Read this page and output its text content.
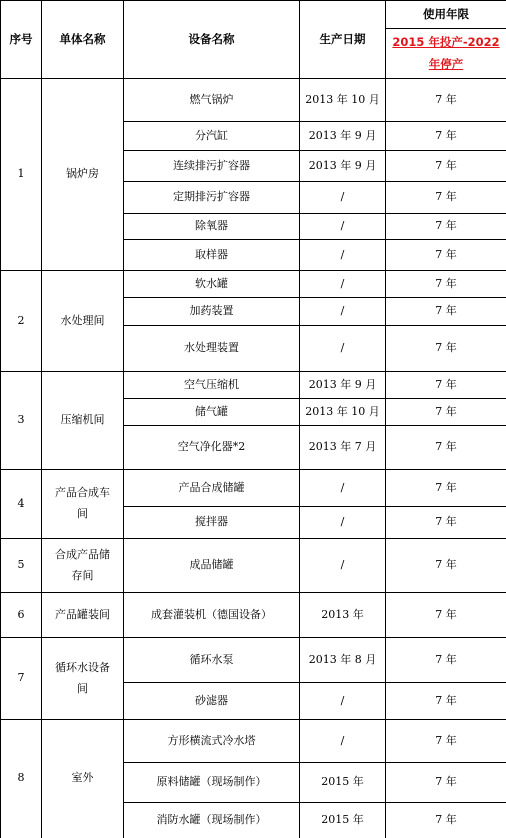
序号	单体名称	设备名称	生产日期	使用年限
				2015 年投产-2022 年停产
1	锅炉房	燃气锅炉	2013 年 10 月	7 年
		分汽缸	2013 年 9 月	7 年
		连续排污扩容器	2013 年 9 月	7 年
		定期排污扩容器	/	7 年
		除氧器	/	7 年
		取样器	/	7 年
2	水处理间	软水罐	/	7 年
		加药装置	/	7 年
		水处理装置	/	7 年
3	压缩机间	空气压缩机	2013 年 9 月	7 年
		储气罐	2013 年 10 月	7 年
		空气净化器*2	2013 年 7 月	7 年
4	产品合成车间	产品合成储罐	/	7 年
		搅拌器	/	7 年
5	合成产品储存间	成品储罐	/	7 年
6	产品罐装间	成套灌装机（德国设备）	2013 年	7 年
7	循环水设备间	循环水泵	2013 年 8 月	7 年
		砂滤器	/	7 年
8	室外	方形横流式冷水塔	/	7 年
		原料储罐（现场制作）	2015 年	7 年
		消防水罐（现场制作）	2015 年	7 年
